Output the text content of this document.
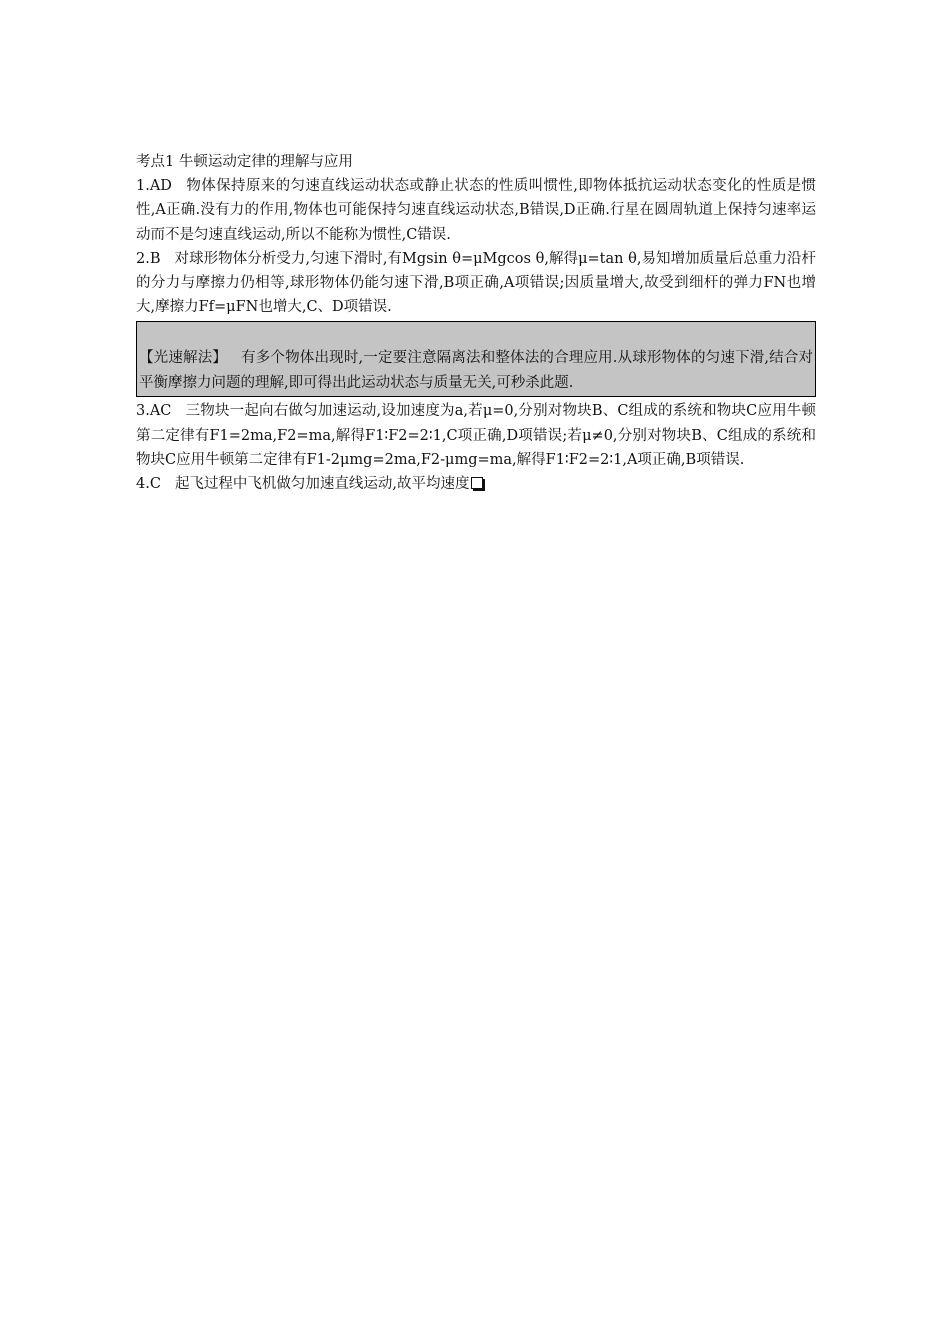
考点1 牛顿运动定律的理解与应用

1.AD 物体保持原来的匀速直线运动状态或静止状态的性质叫惯性,即物体抵抗运动状态变化的性质是惯性,A正确.没有力的作用,物体也可能保持匀速直线运动状态,B错误,D正确.行星在圆周轨道上保持匀速率运动而不是匀速直线运动,所以不能称为惯性,C错误.

2.B 对球形物体分析受力,匀速下滑时,有Mgsin θ=μMgcos θ,解得μ=tan θ,易知增加质量后总重力沿杆的分力与摩擦力仍相等,球形物体仍能匀速下滑,B项正确,A项错误;因质量增大,故受到细杆的弹力FN也增大,摩擦力Ff=μFN也增大,C、D项错误.

【光速解法】 有多个物体出现时,一定要注意隔离法和整体法的合理应用.从球形物体的匀速下滑,结合对平衡摩擦力问题的理解,即可得出此运动状态与质量无关,可秒杀此题.

3.AC 三物块一起向右做匀加速运动,设加速度为a,若μ=0,分别对物块B、C组成的系统和物块C应用牛顿第二定律有F1=2ma,F2=ma,解得F1∶F2=2∶1,C项正确,D项错误;若μ≠0,分别对物块B、C组成的系统和物块C应用牛顿第二定律有F1-2μmg=2ma,F2-μmg=ma,解得F1∶F2=2∶1,A项正确,B项错误.

4.C 起飞过程中飞机做匀加速直线运动,故平均速度
